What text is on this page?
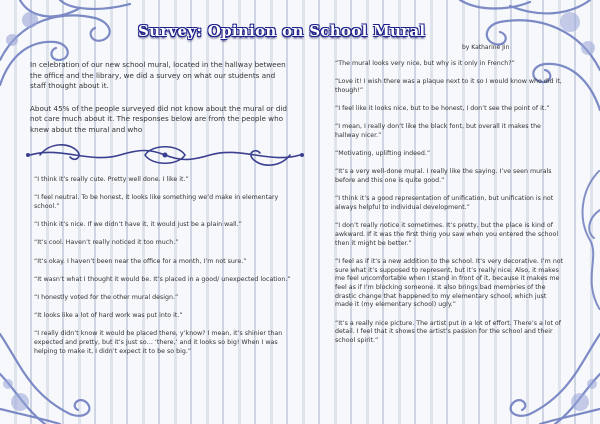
Survey: Opinion on School Mural

by Katharine Jin

In celebration of our new school mural, located in the hallway between the office and the library, we did a survey on what our students and staff thought about it.

About 45% of the people surveyed did not know about the mural or did not care much about it. The responses below are from the people who knew about the mural and who

“I think it’s really cute. Pretty well done. I like it.”
“I feel neutral. To be honest, it looks like something we’d make in elementary school.”
“I think it’s nice. If we didn’t have it, it would just be a plain wall.”
“It’s cool. Haven’t really noticed it too much.”
“It’s okay. I haven’t been near the office for a month, I’m not sure.”
“It wasn’t what I thought it would be. It’s placed in a good/ unexpected location.”
“I honestly voted for the other mural design.”
“It looks like a lot of hard work was put into it.”
“I really didn’t know it would be placed there, y’know? I mean, it’s shinier than expected and pretty, but it’s just so… ‘there,’ and it looks so big! When I was helping to make it, I didn’t expect it to be so big.”
“The mural looks very nice, but why is it only in French?”
“Love it! I wish there was a plaque next to it so I would know who did it, though!”
“I feel like it looks nice, but to be honest, I don’t see the point of it.”
“I mean, I really don’t like the black font, but overall it makes the hallway nicer.”
“Motivating, uplifting indeed.”
“It’s a very well-done mural. I really like the saying. I’ve seen murals before and this one is quite good.”
“I think it’s a good representation of unification, but unification is not always helpful to individual development.”
“I don’t really notice it sometimes. It’s pretty, but the place is kind of awkward. If it was the first thing you saw when you entered the school then it might be better.”
“I feel as if it’s a new addition to the school. It’s very decorative. I’m not sure what it’s supposed to represent, but it’s really nice. Also, it makes me feel uncomfortable when I stand in front of it, because it makes me feel as if I’m blocking someone. It also brings bad memories of the drastic change that happened to my elementary school, which just made it (my elementary school) ugly.”
“It’s a really nice picture. The artist put in a lot of effort. There’s a lot of detail. I feel that it shows the artist’s passion for the school and their school spirit.”
